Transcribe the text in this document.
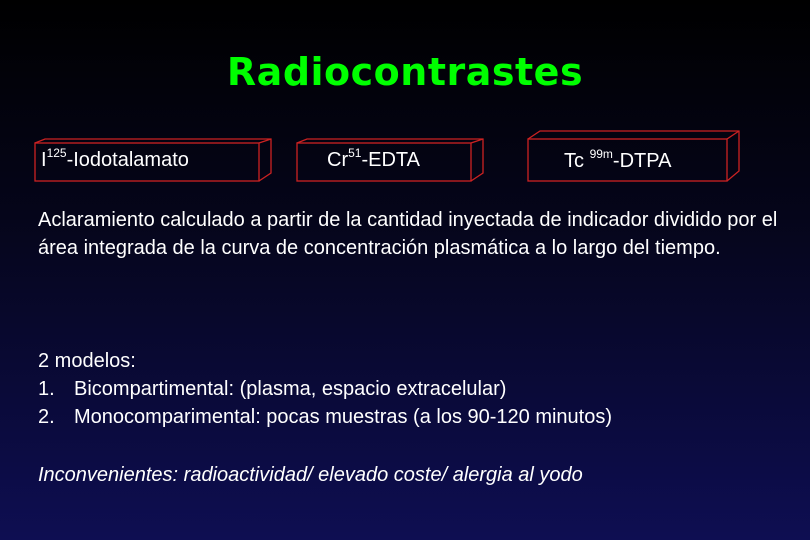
Radiocontrastes
$I^{125}$-Iodotalamato	Cr$^{51}$-EDTA	Tc $^{99m}$-DTPA
Aclaramiento calculado a partir de la cantidad inyectada de indicador dividido por el área integrada de la curva de concentración plasmática a lo largo del tiempo.
2 modelos:
1. Bicompartimental: (plasma, espacio extracelular)
2. Monocomparimental: pocas muestras (a los 90-120 minutos)
Inconvenientes: radioactividad/ elevado coste/ alergia al yodo
